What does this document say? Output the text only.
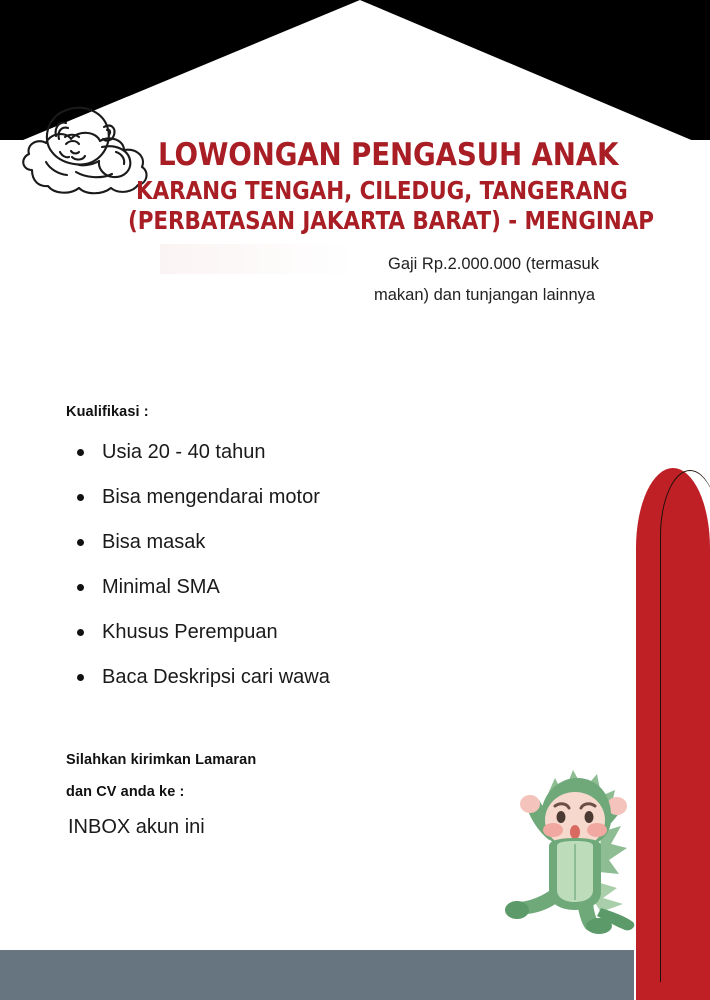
LOWONGAN PENGASUH ANAK
KARANG TENGAH, CILEDUG, TANGERANG
(PERBATASAN JAKARTA BARAT) - MENGINAP

Gaji Rp.2.000.000 (termasuk

makan) dan tunjangan lainnya

Kualifikasi :
Usia 20 - 40 tahun
Bisa mengendarai motor
Bisa masak
Minimal SMA
Khusus Perempuan
Baca Deskripsi cari wawa
Silahkan kirimkan Lamaran
dan CV anda ke :
INBOX akun ini
